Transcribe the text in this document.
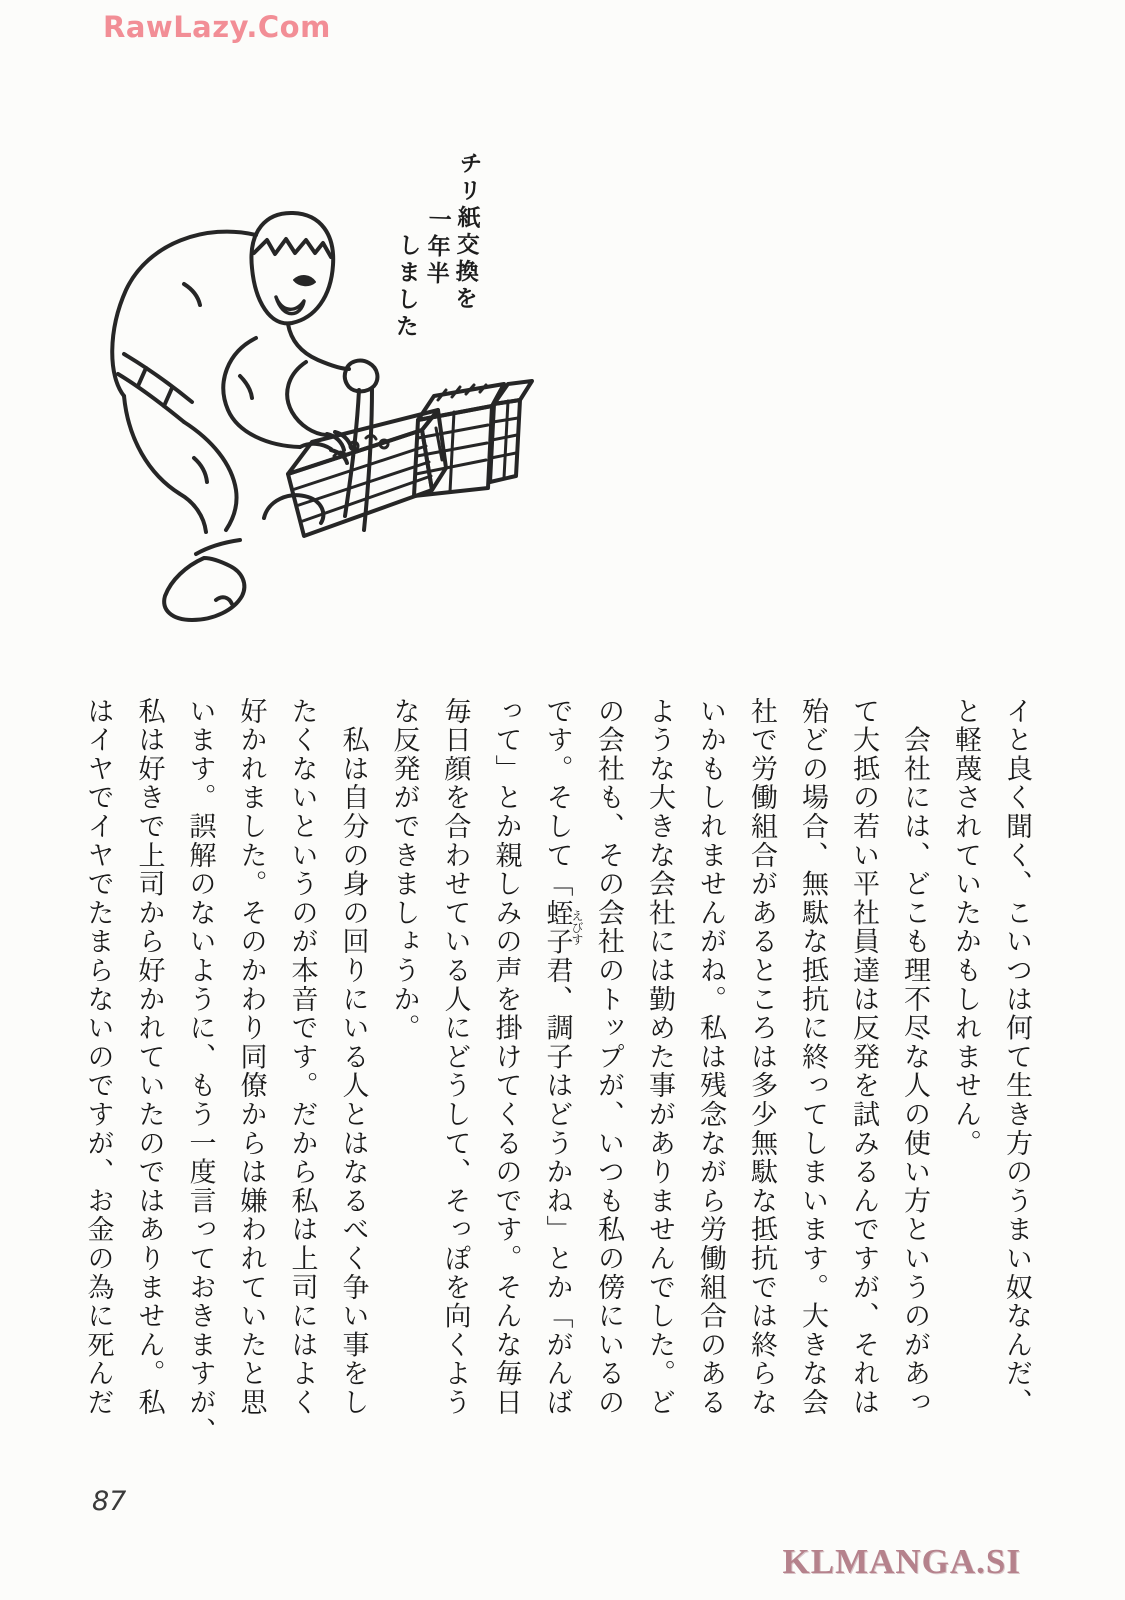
RawLazy.Com
チリ紙交換を
一年半
しました
イと良く聞く、こいつは何て生き方のうまい奴なんだ、
と軽蔑されていたかもしれません。
　会社には、どこも理不尽な人の使い方というのがあっ
て大抵の若い平社員達は反発を試みるんですが、それは
殆どの場合、無駄な抵抗に終ってしまいます。大きな会
社で労働組合があるところは多少無駄な抵抗では終らな
いかもしれませんがね。私は残念ながら労働組合のある
ような大きな会社には勤めた事がありませんでした。ど
の会社も、その会社のトップが、いつも私の傍にいるの
です。そして「蛭子えびす君、調子はどうかね」とか「がんば
って」とか親しみの声を掛けてくるのです。そんな毎日
毎日顔を合わせている人にどうして、そっぽを向くよう
な反発ができましょうか。
　私は自分の身の回りにいる人とはなるべく争い事をし
たくないというのが本音です。だから私は上司にはよく
好かれました。そのかわり同僚からは嫌われていたと思
います。誤解のないように、もう一度言っておきますが、
私は好きで上司から好かれていたのではありません。私
はイヤでイヤでたまらないのですが、お金の為に死んだ
87
KLMANGA.SI
